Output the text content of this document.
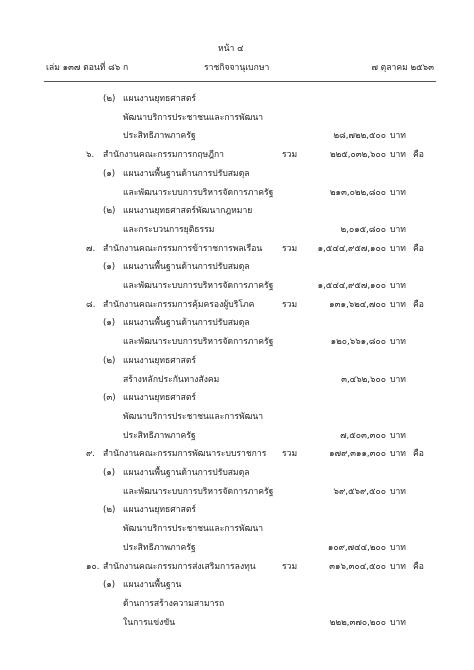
หน้า ๔
เล่ม ๑๓๗ ตอนที่ ๘๖ ก	ราชกิจจานุเบกษา	๗ ตุลาคม ๒๕๖๓
(๒) แผนงานยุทธศาสตร์
พัฒนาบริการประชาชนและการพัฒนา
ประสิทธิภาพภาครัฐ	๒๘,๗๒๒,๕๐๐ บาท
๖. สำนักงานคณะกรรมการกฤษฎีกา	รวม	๒๒๕,๐๓๒,๖๐๐ บาท คือ
(๑) แผนงานพื้นฐานด้านการปรับสมดุล
และพัฒนาระบบการบริหารจัดการภาครัฐ	๒๑๓,๐๒๒,๘๐๐ บาท
(๒) แผนงานยุทธศาสตร์พัฒนากฎหมาย
และกระบวนการยุติธรรม	๒,๐๑๕,๘๐๐ บาท
๗. สำนักงานคณะกรรมการข้าราชการพลเรือน รวม	๑,๕๔๔,๙๕๗,๑๐๐ บาท คือ
(๑) แผนงานพื้นฐานด้านการปรับสมดุล
และพัฒนาระบบการบริหารจัดการภาครัฐ	๑,๕๔๔,๙๕๗,๑๐๐ บาท
๘. สำนักงานคณะกรรมการคุ้มครองผู้บริโภค	รวม	๑๓๑,๖๒๔,๗๐๐ บาท คือ
(๑) แผนงานพื้นฐานด้านการปรับสมดุล
และพัฒนาระบบการบริหารจัดการภาครัฐ	๑๒๐,๖๖๑,๘๐๐ บาท
(๒) แผนงานยุทธศาสตร์
สร้างหลักประกันทางสังคม	๓,๔๖๒,๖๐๐ บาท
(๓) แผนงานยุทธศาสตร์
พัฒนาบริการประชาชนและการพัฒนา
ประสิทธิภาพภาครัฐ	๗,๕๐๓,๓๐๐ บาท
๙. สำนักงานคณะกรรมการพัฒนาระบบราชการ รวม	๑๗๙,๓๑๑,๓๐๐ บาท คือ
(๑) แผนงานพื้นฐานด้านการปรับสมดุล
และพัฒนาระบบการบริหารจัดการภาครัฐ	๖๙,๕๖๙,๕๐๐ บาท
(๒) แผนงานยุทธศาสตร์
พัฒนาบริการประชาชนและการพัฒนา
ประสิทธิภาพภาครัฐ	๑๐๙,๗๔๔,๒๐๐ บาท
๑๐. สำนักงานคณะกรรมการส่งเสริมการลงทุน	รวม	๓๑๖,๓๐๔,๕๐๐ บาท คือ
(๑) แผนงานพื้นฐาน
ด้านการสร้างความสามารถ
ในการแข่งขัน	๒๒๒,๓๗๐,๒๐๐ บาท
